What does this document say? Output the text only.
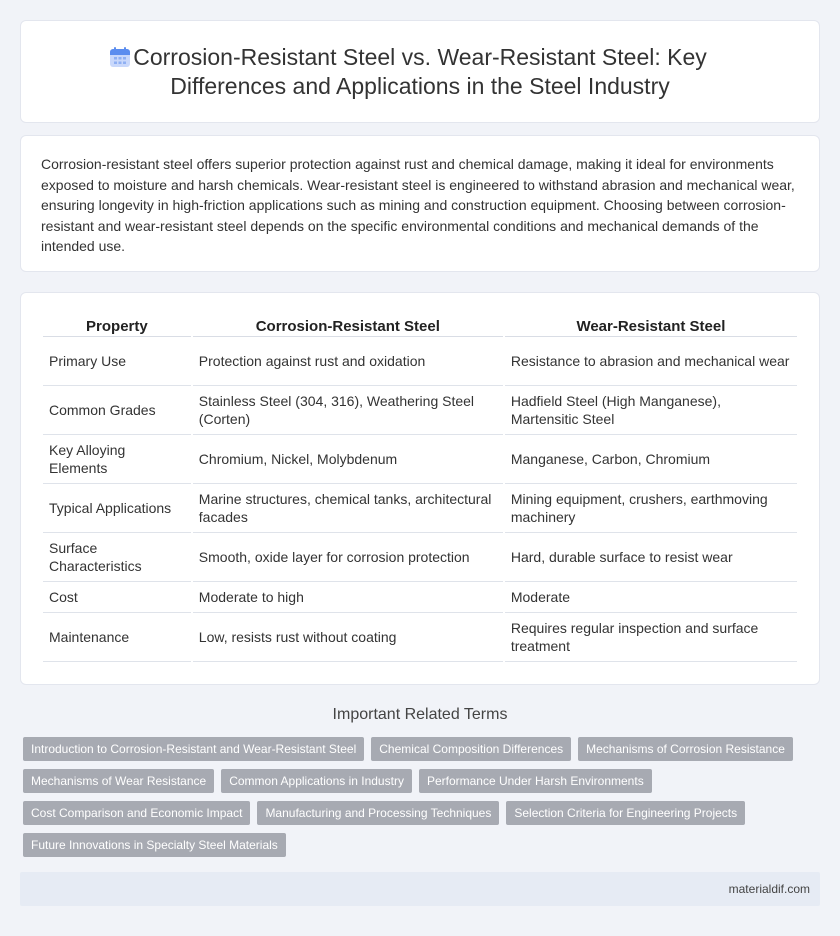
Corrosion-Resistant Steel vs. Wear-Resistant Steel: Key Differences and Applications in the Steel Industry

Corrosion-resistant steel offers superior protection against rust and chemical damage, making it ideal for environments exposed to moisture and harsh chemicals. Wear-resistant steel is engineered to withstand abrasion and mechanical wear, ensuring longevity in high-friction applications such as mining and construction equipment. Choosing between corrosion-resistant and wear-resistant steel depends on the specific environmental conditions and mechanical demands of the intended use.

Property	Corrosion-Resistant Steel	Wear-Resistant Steel
Primary Use	Protection against rust and oxidation	Resistance to abrasion and mechanical wear
Common Grades	Stainless Steel (304, 316), Weathering Steel (Corten)	Hadfield Steel (High Manganese), Martensitic Steel
Key Alloying Elements	Chromium, Nickel, Molybdenum	Manganese, Carbon, Chromium
Typical Applications	Marine structures, chemical tanks, architectural facades	Mining equipment, crushers, earthmoving machinery
Surface Characteristics	Smooth, oxide layer for corrosion protection	Hard, durable surface to resist wear
Cost	Moderate to high	Moderate
Maintenance	Low, resists rust without coating	Requires regular inspection and surface treatment
Important Related Terms
Introduction to Corrosion-Resistant and Wear-Resistant Steel	Chemical Composition Differences	Mechanisms of Corrosion Resistance
Mechanisms of Wear Resistance	Common Applications in Industry	Performance Under Harsh Environments
Cost Comparison and Economic Impact	Manufacturing and Processing Techniques	Selection Criteria for Engineering Projects
Future Innovations in Specialty Steel Materials
materialdif.com
